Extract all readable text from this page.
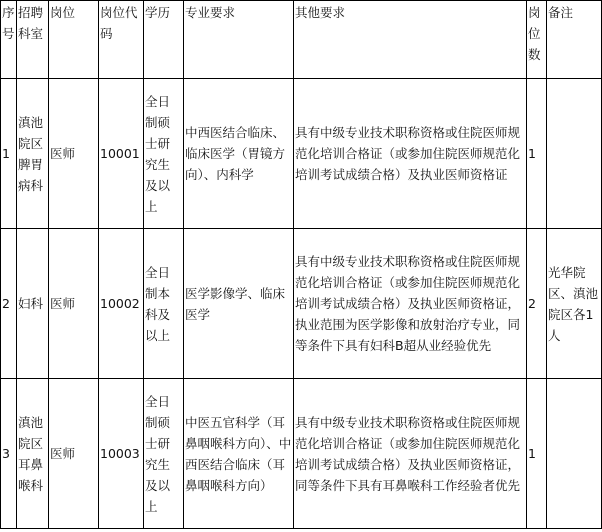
序号	招聘科室	岗位	岗位代码	学历	专业要求	其他要求	岗位数	备注
1	滇池院区脾胃病科	医师	10001	全日制硕士研究生及以上	中西医结合临床、临床医学（胃镜方向）、内科学	具有中级专业技术职称资格或住院医师规范化培训合格证（或参加住院医师规范化培训考试成绩合格）及执业医师资格证	1	
2	妇科	医师	10002	全日制本科及以上	医学影像学、临床医学	具有中级专业技术职称资格或住院医师规范化培训合格证（或参加住院医师规范化培训考试成绩合格）及执业医师资格证，执业范围为医学影像和放射治疗专业，同等条件下具有妇科B超从业经验优先	2	光华院区、滇池院区各1人
3	滇池院区耳鼻喉科	医师	10003	全日制硕士研究生及以上	中医五官科学（耳鼻咽喉科方向）、中西医结合临床（耳鼻咽喉科方向）	具有中级专业技术职称资格或住院医师规范化培训合格证（或参加住院医师规范化培训考试成绩合格）及执业医师资格证，同等条件下具有耳鼻喉科工作经验者优先	1	
